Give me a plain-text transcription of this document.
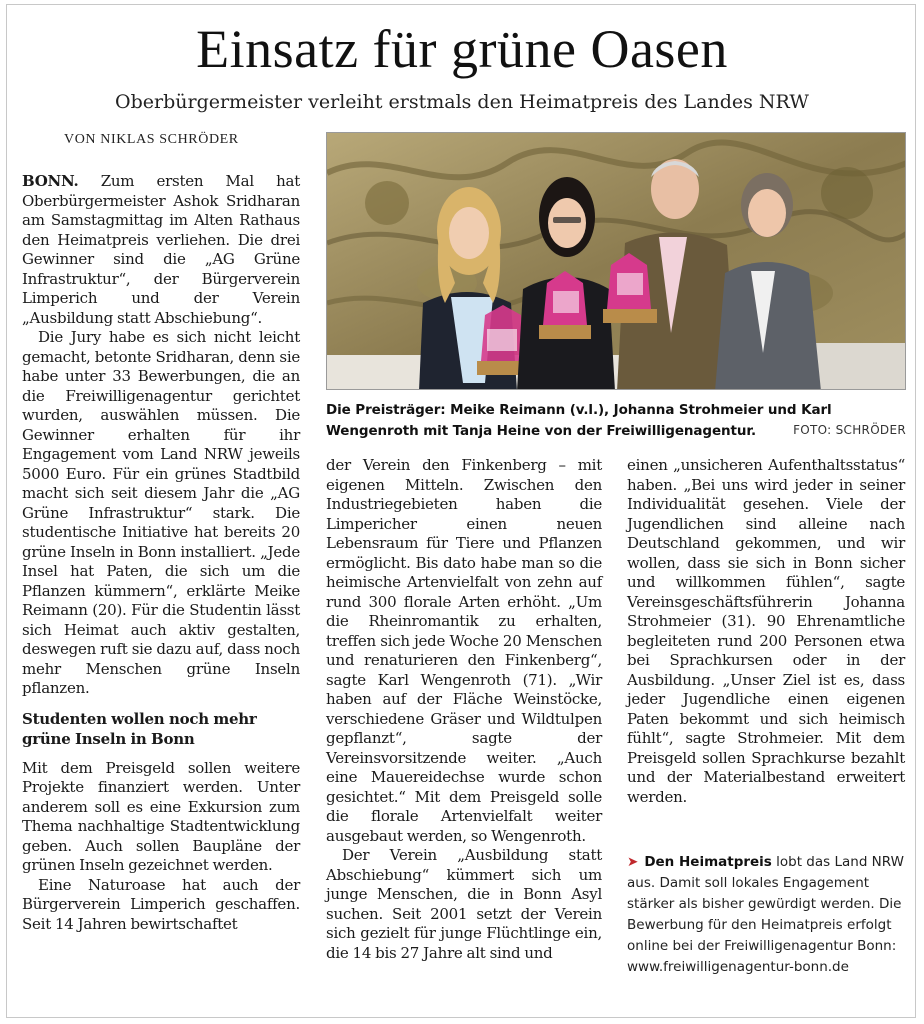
Einsatz für grüne Oasen
Oberbürgermeister verleiht erstmals den Heimatpreis des Landes NRW
VON NIKLAS SCHRÖDER

BONN. Zum ersten Mal hat Oberbürgermeister Ashok Sridharan am Samstagmittag im Alten Rathaus den Heimatpreis verliehen. Die drei Gewinner sind die „AG Grüne Infrastruktur“, der Bürgerverein Limperich und der Verein „Ausbildung statt Abschiebung“.

Die Jury habe es sich nicht leicht gemacht, betonte Sridharan, denn sie habe unter 33 Bewerbungen, die an die Freiwilligenagentur gerichtet wurden, auswählen müssen. Die Gewinner erhalten für ihr Engagement vom Land NRW jeweils 5000 Euro. Für ein grünes Stadtbild macht sich seit diesem Jahr die „AG Grüne Infrastruktur“ stark. Die studentische Initiative hat bereits 20 grüne Inseln in Bonn installiert. „Jede Insel hat Paten, die sich um die Pflanzen kümmern“, erklärte Meike Reimann (20). Für die Studentin lässt sich Heimat auch aktiv gestalten, deswegen ruft sie dazu auf, dass noch mehr Menschen grüne Inseln pflanzen.

Studenten wollen noch mehr grüne Inseln in Bonn

Mit dem Preisgeld sollen weitere Projekte finanziert werden. Unter anderem soll es eine Exkursion zum Thema nachhaltige Stadtentwicklung geben. Auch sollen Baupläne der grünen Inseln gezeichnet werden.

Eine Naturoase hat auch der Bürgerverein Limperich geschaffen. Seit 14 Jahren bewirtschaftet

Die Preisträger: Meike Reimann (v.l.), Johanna Strohmeier und Karl Wengenroth mit Tanja Heine von der Freiwilligenagentur.	FOTO: SCHRÖDER

der Verein den Finkenberg – mit eigenen Mitteln. Zwischen den Industriegebieten haben die Limpericher einen neuen Lebensraum für Tiere und Pflanzen ermöglicht. Bis dato habe man so die heimische Artenvielfalt von zehn auf rund 300 florale Arten erhöht. „Um die Rheinromantik zu erhalten, treffen sich jede Woche 20 Menschen und renaturieren den Finkenberg“, sagte Karl Wengenroth (71). „Wir haben auf der Fläche Weinstöcke, verschiedene Gräser und Wildtulpen gepflanzt“, sagte der Vereinsvorsitzende weiter. „Auch eine Mauereidechse wurde schon gesichtet.“ Mit dem Preisgeld solle die florale Artenvielfalt weiter ausgebaut werden, so Wengenroth.

Der Verein „Ausbildung statt Abschiebung“ kümmert sich um junge Menschen, die in Bonn Asyl suchen. Seit 2001 setzt der Verein sich gezielt für junge Flüchtlinge ein, die 14 bis 27 Jahre alt sind und

einen „unsicheren Aufenthaltsstatus“ haben. „Bei uns wird jeder in seiner Individualität gesehen. Viele der Jugendlichen sind alleine nach Deutschland gekommen, und wir wollen, dass sie sich in Bonn sicher und willkommen fühlen“, sagte Vereinsgeschäftsführerin Johanna Strohmeier (31). 90 Ehrenamtliche begleiteten rund 200 Personen etwa bei Sprachkursen oder in der Ausbildung. „Unser Ziel ist es, dass jeder Jugendliche einen eigenen Paten bekommt und sich heimisch fühlt“, sagte Strohmeier. Mit dem Preisgeld sollen Sprachkurse bezahlt und der Materialbestand erweitert werden.

➤ Den Heimatpreis lobt das Land NRW aus. Damit soll lokales Engagement stärker als bisher gewürdigt werden. Die Bewerbung für den Heimatpreis erfolgt online bei der Freiwilligenagentur Bonn: www.freiwilligenagentur-bonn.de
